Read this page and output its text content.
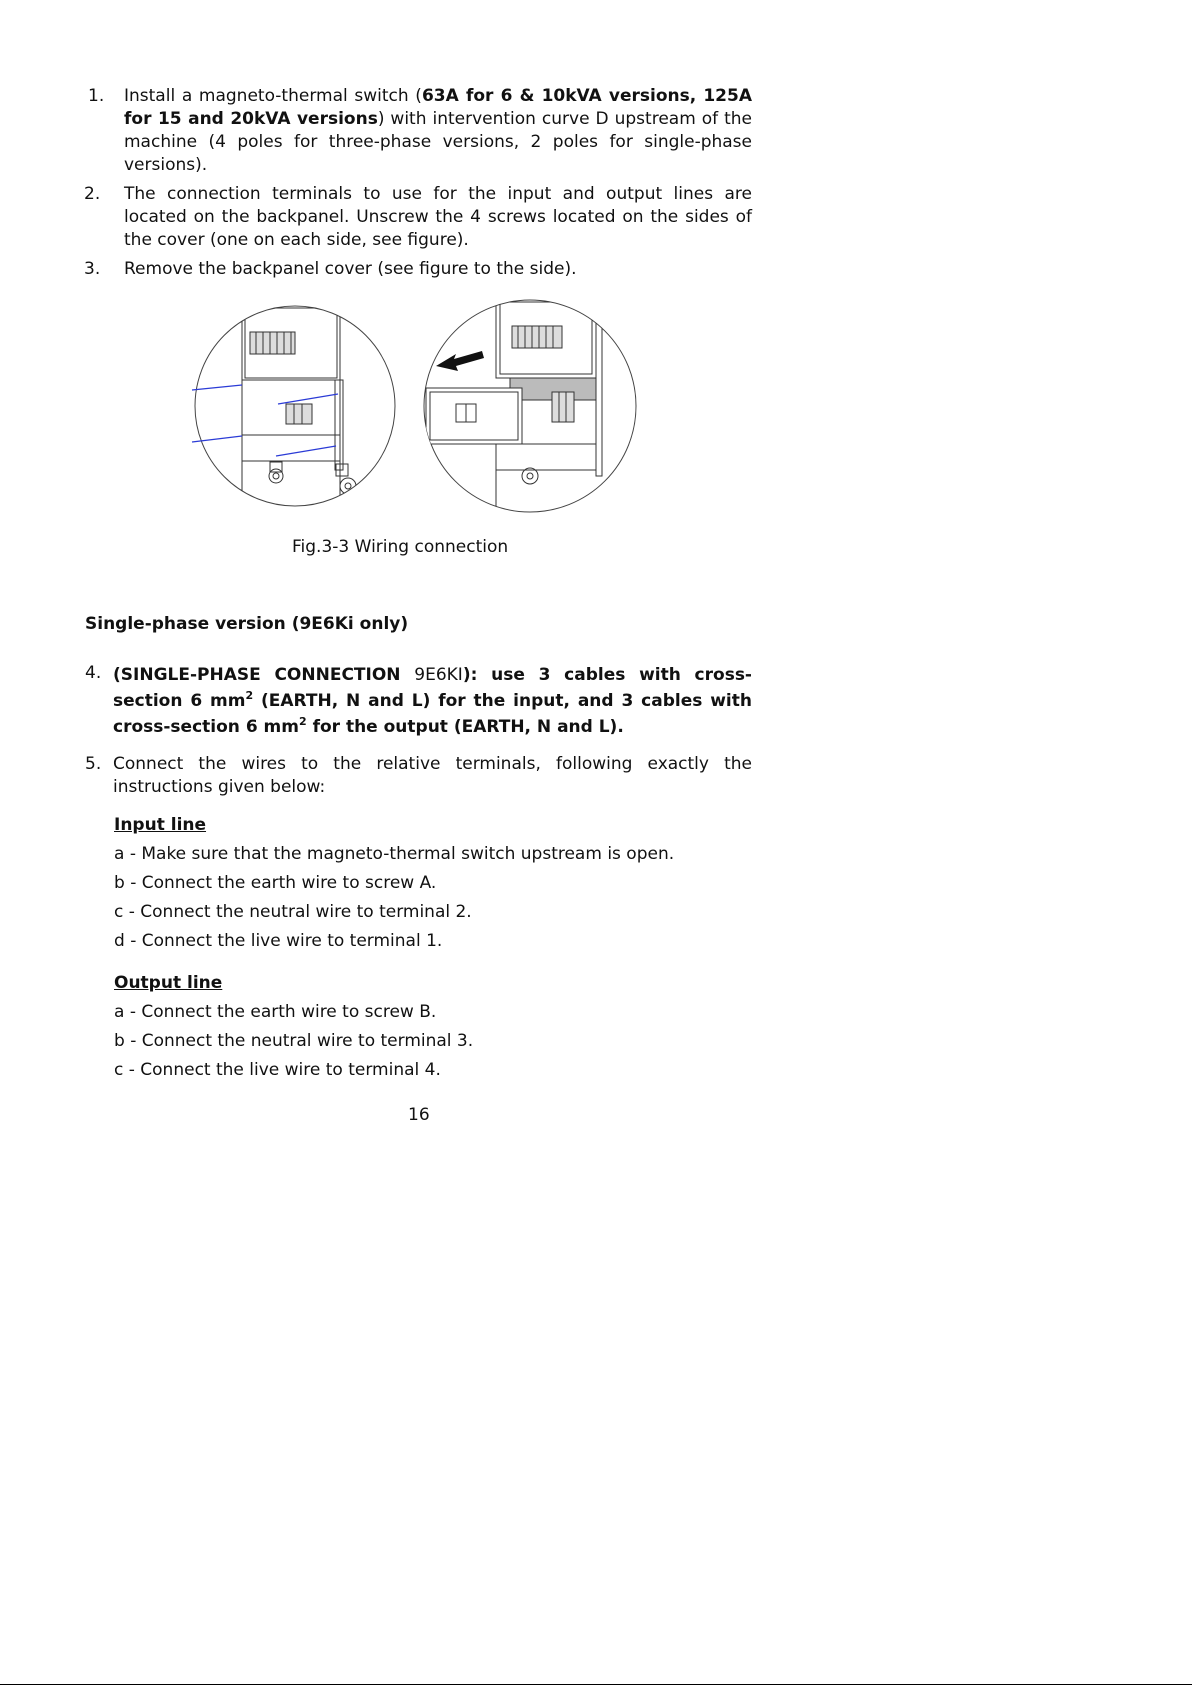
1. Install a magneto-thermal switch (63A for 6 & 10kVA versions, 125A for 15 and 20kVA versions) with intervention curve D upstream of the machine (4 poles for three-phase versions, 2 poles for single-phase versions).
2. The connection terminals to use for the input and output lines are located on the backpanel. Unscrew the 4 screws located on the sides of the cover (one on each side, see figure).
3. Remove the backpanel cover (see figure to the side).
Fig.3-3 Wiring connection
Single-phase version (9E6Ki only)
4. (SINGLE-PHASE CONNECTION 9E6KI): use 3 cables with cross-section 6 $mm^2$ (EARTH, N and L) for the input, and 3 cables with cross-section 6 $mm^2$ for the output (EARTH, N and L).
5. Connect the wires to the relative terminals, following exactly the instructions given below:
Input line
a - Make sure that the magneto-thermal switch upstream is open.
b - Connect the earth wire to screw A.
c - Connect the neutral wire to terminal 2.
d - Connect the live wire to terminal 1.
Output line
a - Connect the earth wire to screw B.
b - Connect the neutral wire to terminal 3.
c - Connect the live wire to terminal 4.
16
